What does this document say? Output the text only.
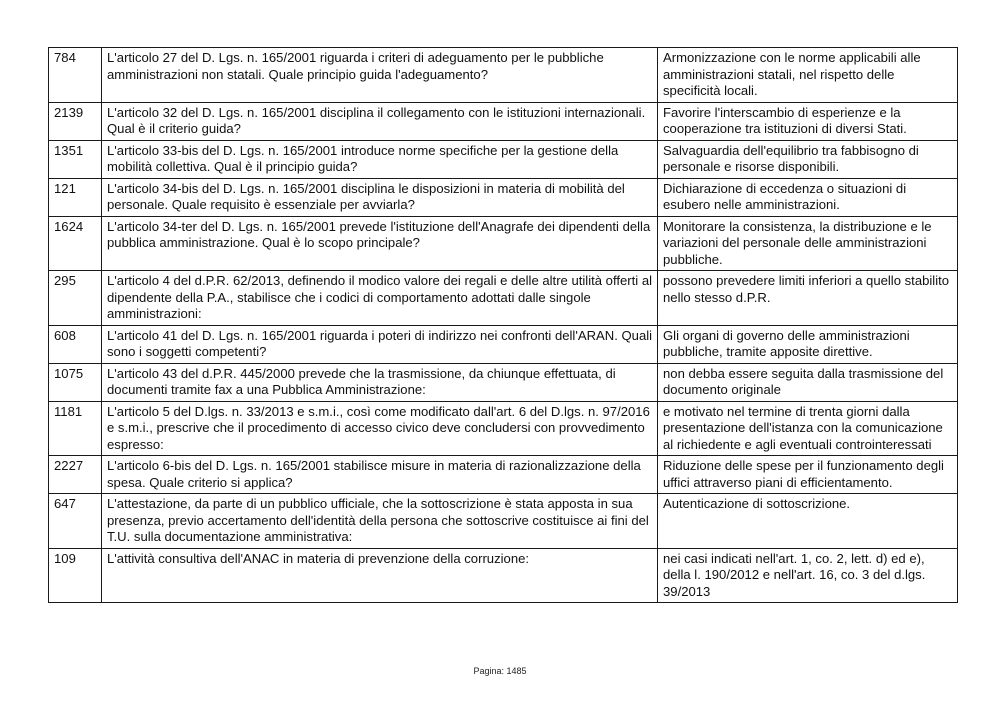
784	L'articolo 27 del D. Lgs. n. 165/2001 riguarda i criteri di adeguamento per le pubbliche amministrazioni non statali. Quale principio guida l'adeguamento?	Armonizzazione con le norme applicabili alle amministrazioni statali, nel rispetto delle specificità locali.
2139	L'articolo 32 del D. Lgs. n. 165/2001 disciplina il collegamento con le istituzioni internazionali. Qual è il criterio guida?	Favorire l'interscambio di esperienze e la cooperazione tra istituzioni di diversi Stati.
1351	L'articolo 33-bis del D. Lgs. n. 165/2001 introduce norme specifiche per la gestione della mobilità collettiva. Qual è il principio guida?	Salvaguardia dell'equilibrio tra fabbisogno di personale e risorse disponibili.
121	L'articolo 34-bis del D. Lgs. n. 165/2001 disciplina le disposizioni in materia di mobilità del personale. Quale requisito è essenziale per avviarla?	Dichiarazione di eccedenza o situazioni di esubero nelle amministrazioni.
1624	L'articolo 34-ter del D. Lgs. n. 165/2001 prevede l'istituzione dell'Anagrafe dei dipendenti della pubblica amministrazione. Qual è lo scopo principale?	Monitorare la consistenza, la distribuzione e le variazioni del personale delle amministrazioni pubbliche.
295	L'articolo 4 del d.P.R. 62/2013, definendo il modico valore dei regali e delle altre utilità offerti al dipendente della P.A., stabilisce che i codici di comportamento adottati dalle singole amministrazioni:	possono prevedere limiti inferiori a quello stabilito nello stesso d.P.R.
608	L'articolo 41 del D. Lgs. n. 165/2001 riguarda i poteri di indirizzo nei confronti dell'ARAN. Quali sono i soggetti competenti?	Gli organi di governo delle amministrazioni pubbliche, tramite apposite direttive.
1075	L'articolo 43 del d.P.R. 445/2000 prevede che la trasmissione, da chiunque effettuata, di documenti tramite fax a una Pubblica Amministrazione:	non debba essere seguita dalla trasmissione del documento originale
1181	L'articolo 5 del D.lgs. n. 33/2013 e s.m.i., così come modificato dall'art. 6 del D.lgs. n. 97/2016 e s.m.i., prescrive che il procedimento di accesso civico deve concludersi con provvedimento espresso:	e motivato nel termine di trenta giorni dalla presentazione dell'istanza con la comunicazione al richiedente e agli eventuali controinteressati
2227	L'articolo 6-bis del D. Lgs. n. 165/2001 stabilisce misure in materia di razionalizzazione della spesa. Quale criterio si applica?	Riduzione delle spese per il funzionamento degli uffici attraverso piani di efficientamento.
647	L'attestazione, da parte di un pubblico ufficiale, che la sottoscrizione è stata apposta in sua presenza, previo accertamento dell'identità della persona che sottoscrive costituisce ai fini del T.U. sulla documentazione amministrativa:	Autenticazione di sottoscrizione.
109	L'attività consultiva dell'ANAC in materia di prevenzione della corruzione:	nei casi indicati nell'art. 1, co. 2, lett. d) ed e), della l. 190/2012 e nell'art. 16, co. 3 del d.lgs. 39/2013
Pagina: 1485
